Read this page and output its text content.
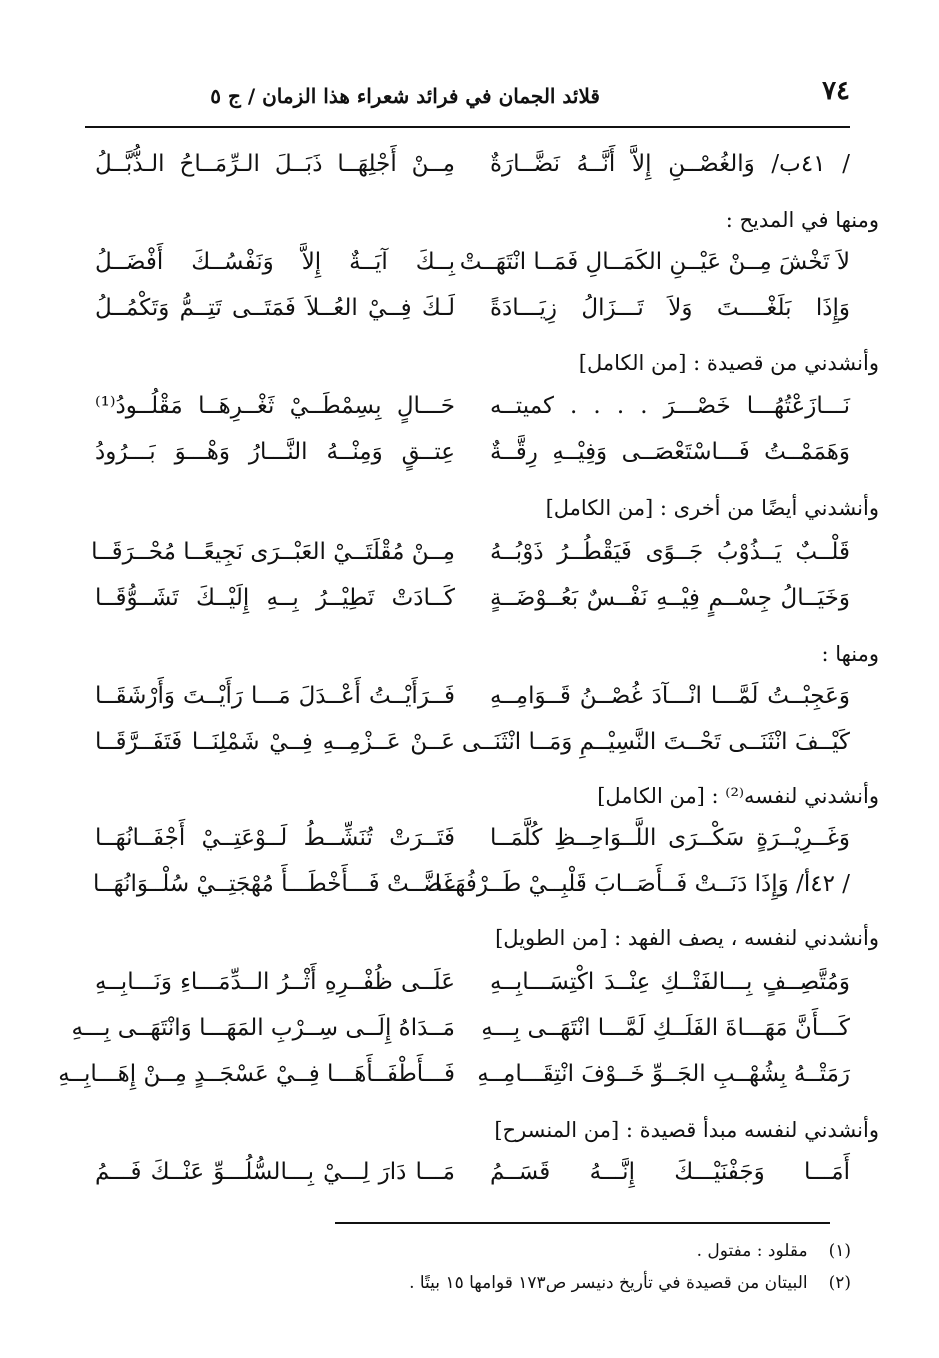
٧٤
قلائد الجمان في فرائد شعراء هذا الزمان / ج ٥
/ ٤١ب/ وَالغُصْــنِ إِلاَّ أَنَّــهُ نَضَّــارَةٌ
مِــنْ أَجْلِهَــا ذَبَــلَ الـرِّمَــاحُ الـذُّبَّــلُ
ومنها في المديح :
لاَ تَخْشَ مِــنْ عَيْــنِ الكَمَــالِ فَمَــا انْتَهَــتْ
بِــكَ آيَــةٌ إِلاَّ وَنَفْسُــكَ أَفْضَــلُ
وَإِذَا بَلَغْــــتَ وَلاَ تَـــزَالُ زِيَـــادَةً
لَـكَ فِــيْ العُــلاَ فَمَتَــى تَتِــمُّ وَتَكْمُــلُ
وأنشدني من قصيدة : [من الكامل]
نَـــازَعْتُهُـــا خَصْـــرَ . . . . كميتــه
حَـــالٍ بِسِمْطَــيْ ثَغْــرِهَــا مَقْلُــودُ⁽¹⁾
وَهَمَمْــتُ فَـــاسْتَعْصَــى وَفِيْــهِ رِقَّــةٌ
عِتــقٍ وَمِنْــهُ النَّـــارُ وَهْـــوَ بَـــرُودُ
وأنشدني أيضًا من أخرى : [من الكامل]
قَلْــبٌ يَــذُوْبُ جَــوًى فَيَقْطُــرُ ذَوْبُــهُ
مِــنْ مُقْلَتَــيْ العَبْــرَى نَجِيعًــا مُحْــرَقَــا
وَخَيَــالُ جِسْــمٍ فِيْــهِ نَفْــسٌ بَعُــوْضَــةٍ
كَــادَتْ تَطِيْــرُ بِــهِ إِلَيْــكَ تَشَــوُّقَــا
ومنها :
وَعَجِبْــتُ لَمَّـــا انْـــآدَ غُصْــنُ قَــوَامِــهِ
فَــرَأَيْــتُ أَعْــدَلَ مَـــا رَأَيْــتَ وَأَرْشَقَــا
كَيْــفَ انْثَنَــى تَحْــتَ النَّسِيْــمِ وَمَــا انْثَنَــى
عَــنْ عَــزْمِــهِ فِــيْ شَمْلِنَــا فَتَفَــرَّقَــا
وأنشدني لنفسه⁽²⁾ : [من الكامل]
وَغَــرِيْــرَةٍ سَكْــرَى اللَّــوَاحِــظِ كُلَّمَــا
فَتَــرَتْ تُنَشِّــطُ لَــوْعَتِــيْ أَجْفَــانُهَــا
/ ٤٢أ/ وَإِذَا دَنَــتْ فَــأَصَــابَ قَلْبِــيْ طَــرْفُهَــا
غَضَّــتْ فَـــأَخْطَـــأَ مُهْجَتِــيْ سُلْــوَانُهَــا
وأنشدني لنفسه ، يصف الفهد : [من الطويل]
وَمُتَّصِــفٍ بِـــالفَتْــكِ عِنْــدَ اكْتِسَـــابِــهِ
عَلَــى ظُفْــرِهِ أَثْــرُ الــدِّمَـــاءِ وَنَـــابِــهِ
كَـــأَنَّ مَهَـــاةَ الفَلَــكِ لَمَّـــا انْتَهَــى بِـــهِ
مَــدَاهُ إِلَــى سِــرْبِ المَهَـــا وَانْتَهَــى بِـــهِ
رَمَتْــهُ بِشُهْــبِ الجَــوِّ خَــوْفَ انْتِقَـــامِــهِ
فَـــأَطْفَــأَهَـــا فِــيْ عَسْجَــدٍ مِــنْ إِهَـــابِــهِ
وأنشدني لنفسه مبدأ قصيدة : [من المنسرح]
أَمَـــا وَجَفْنَيْـــكَ إِنَّـــهُ قَسَــمُ
مَـــا دَارَ لِـــيْ بِـــالسُّلُـــوِّ عَنْــكَ فَـــمُ
(١) مقلود : مفتول .
(٢) البيتان من قصيدة في تأريخ دنيسر ص١٧٣ قوامها ١٥ بيتًا .
